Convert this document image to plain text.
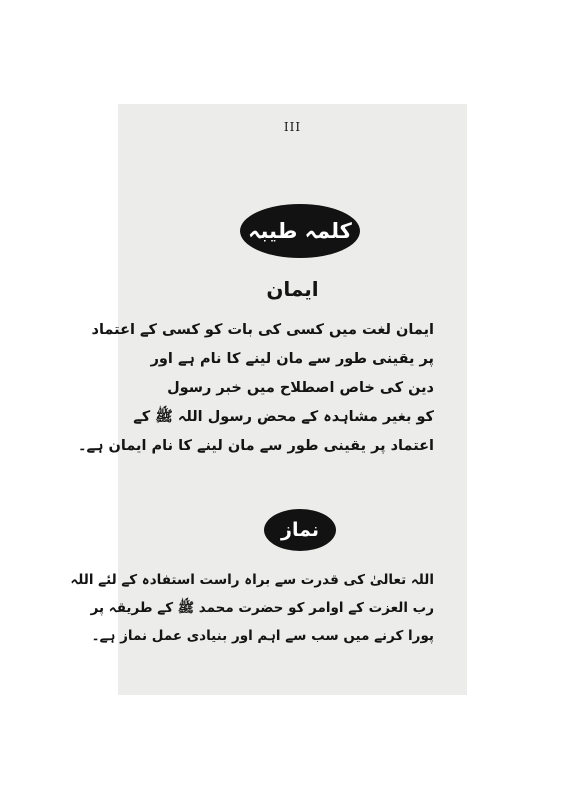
III
کلمہ طیبہ
ایمان
ایمان لغت میں کسی کی بات کو کسی کے اعتماد
پر یقینی طور سے مان لینے کا نام ہے اور
دین کی خاص اصطلاح میں خبر رسول
کو بغیر مشاہدہ کے محض رسول اللہ ﷺ کے
اعتماد پر یقینی طور سے مان لینے کا نام ایمان ہے۔
نماز
اللہ تعالیٰ کی قدرت سے براہ راست استفادہ کے لئے اللہ
رب العزت کے اوامر کو حضرت محمد ﷺ کے طریقہ پر
پورا کرنے میں سب سے اہم اور بنیادی عمل نماز ہے۔
